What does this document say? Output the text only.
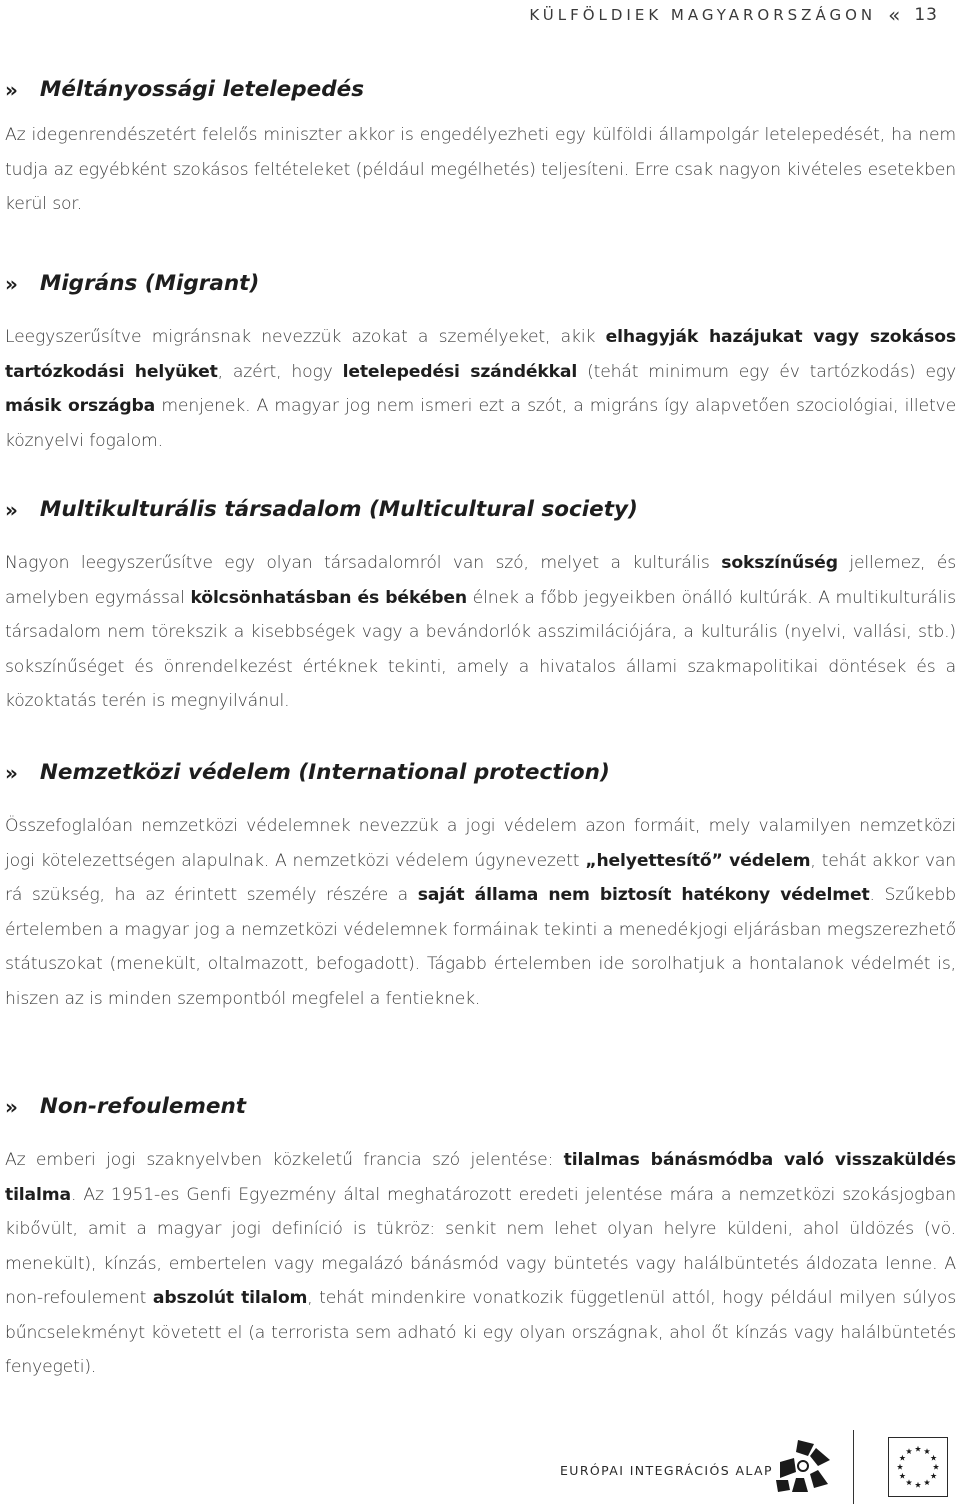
KÜLFÖLDIEK MAGYARORSZÁGON « 13
» Méltányossági letelepedés

Az idegenrendészetért felelős miniszter akkor is engedélyezheti egy külföldi állampolgár letelepedését, ha nem tudja az egyébként szokásos feltételeket (például megélhetés) teljesíteni. Erre csak nagyon kivételes esetekben kerül sor.

» Migráns (Migrant)

Leegyszerűsítve migránsnak nevezzük azokat a személyeket, akik elhagyják hazájukat vagy szokásos tartózkodási helyüket, azért, hogy letelepedési szándékkal (tehát minimum egy év tartózkodás) egy másik országba menjenek. A magyar jog nem ismeri ezt a szót, a migráns így alapvetően szociológiai, illetve köznyelvi fogalom.

» Multikulturális társadalom (Multicultural society)

Nagyon leegyszerűsítve egy olyan társadalomról van szó, melyet a kulturális sokszínűség jellemez, és amelyben egymással kölcsönhatásban és békében élnek a főbb jegyeikben önálló kultúrák. A multikulturális társadalom nem törekszik a kisebbségek vagy a bevándorlók asszimilációjára, a kulturális (nyelvi, vallási, stb.) sokszínűséget és önrendelkezést értéknek tekinti, amely a hivatalos állami szakmapolitikai döntések és a közoktatás terén is megnyilvánul.

» Nemzetközi védelem (International protection)

Összefoglalóan nemzetközi védelemnek nevezzük a jogi védelem azon formáit, mely valamilyen nemzetközi jogi kötelezettségen alapulnak. A nemzetközi védelem úgynevezett „helyettesítő” védelem, tehát akkor van rá szükség, ha az érintett személy részére a saját állama nem biztosít hatékony védelmet. Szűkebb értelemben a magyar jog a nemzetközi védelemnek formáinak tekinti a menedékjogi eljárásban megszerezhető státuszokat (menekült, oltalmazott, befogadott). Tágabb értelemben ide sorolhatjuk a hontalanok védelmét is, hiszen az is minden szempontból megfelel a fentieknek.

» Non-refoulement

Az emberi jogi szaknyelvben közkeletű francia szó jelentése: tilalmas bánásmódba való visszaküldés tilalma. Az 1951-es Genfi Egyezmény által meghatározott eredeti jelentése mára a nemzetközi szokásjogban kibővült, amit a magyar jogi definíció is tükröz: senkit nem lehet olyan helyre küldeni, ahol üldözés (vö. menekült), kínzás, embertelen vagy megalázó bánásmód vagy büntetés vagy halálbüntetés áldozata lenne. A non-refoulement abszolút tilalom, tehát mindenkire vonatkozik függetlenül attól, hogy például milyen súlyos bűncselekményt követett el (a terrorista sem adható ki egy olyan országnak, ahol őt kínzás vagy halálbüntetés fenyegeti).

EURÓPAI INTEGRÁCIÓS ALAP
